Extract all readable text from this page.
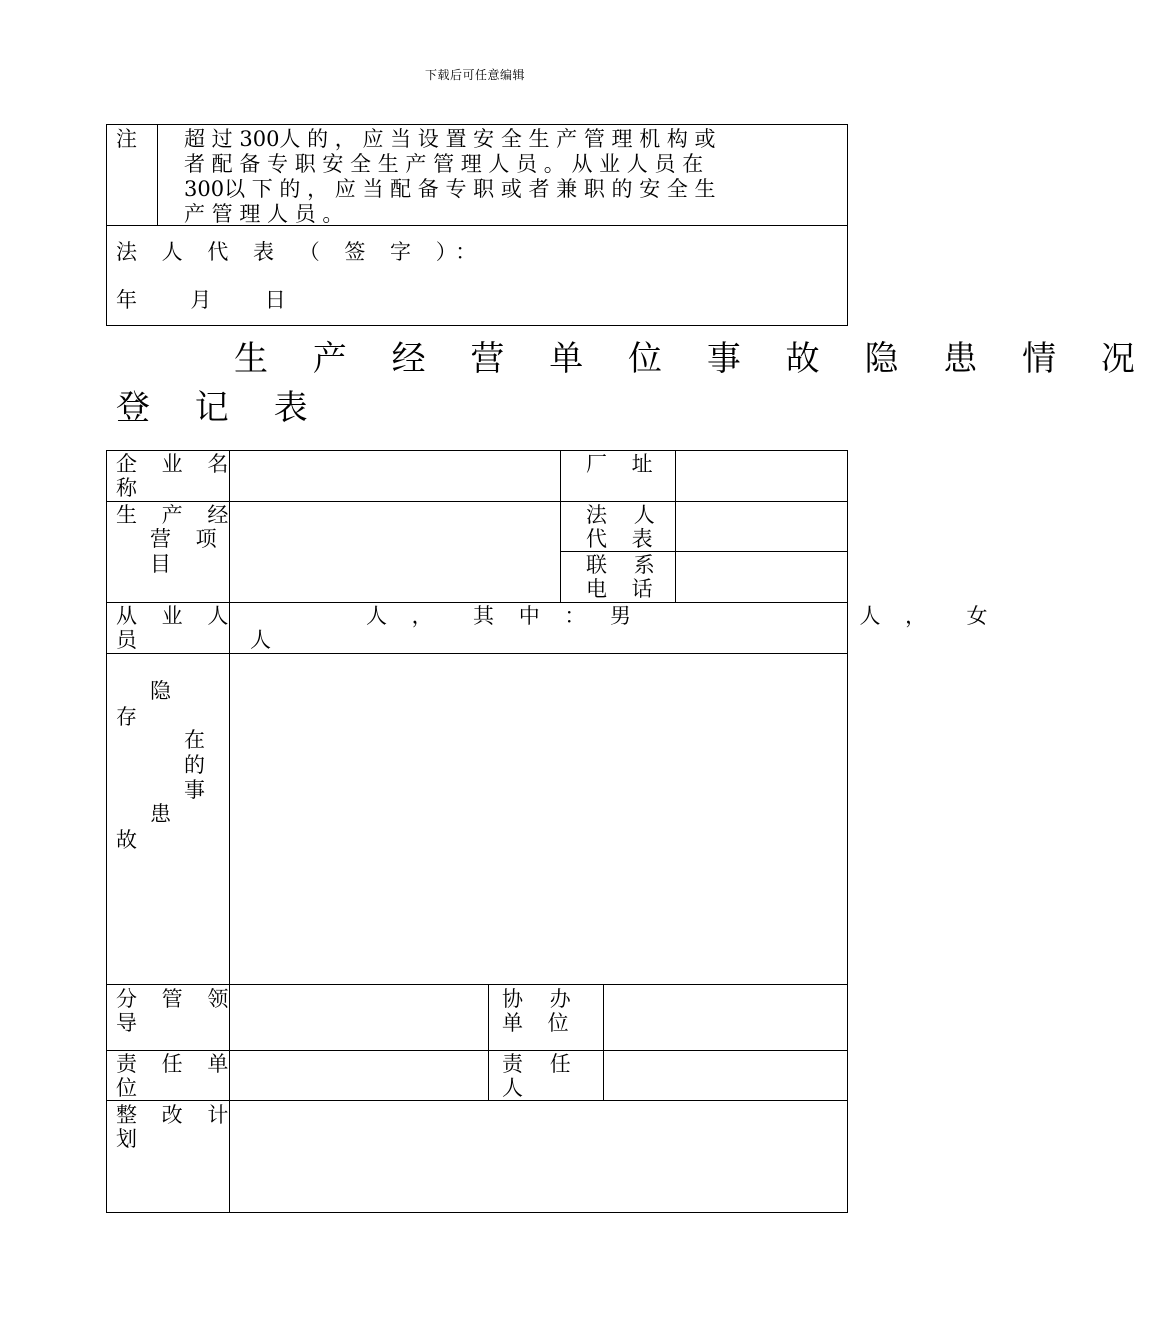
下载后可任意编辑
注 超 过 300人 的 ， 应 当 设 置 安 全 生 产 管 理 机 构 或
者 配 备 专 职 安 全 生 产 管 理 人 员 。 从 业 人 员 在
300以 下 的 ， 应 当 配 备 专 职 或 者 兼 职 的 安 全 生
产 管 理 人 员 。
法 人 代 表 （ 签 字 ）：
年        月        日
生 产 经 营 单 位 事 故 隐 患 情 况
登 记 表
企 业 名
称
厂 址
生 产 经
营 项
目
法    人
代 表
联    系
电 话
从 业 人
员
人 ，  其 中 ： 男              人 ，  女
人
隐
存
在
的
事
患
故
分 管 领
导
协    办
单 位
责 任 单
位
责    任
人
整 改 计
划
